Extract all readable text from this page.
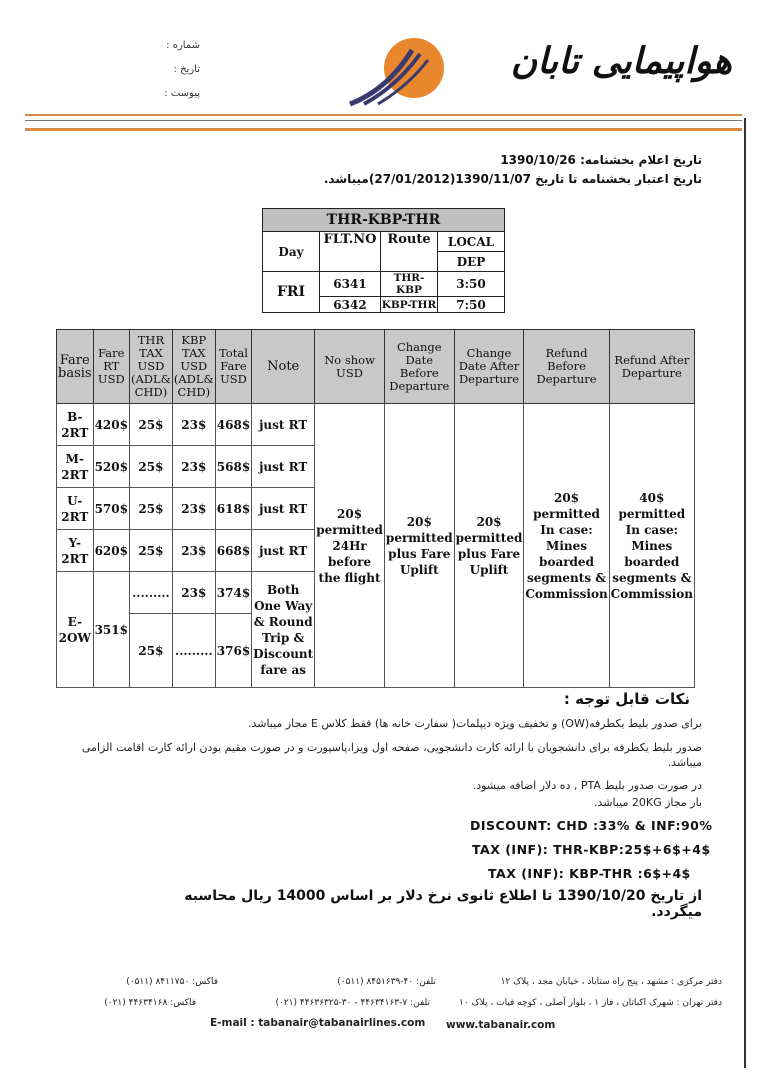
هواپیمایی تابان
شماره :
تاریخ :
پیوست :
تاریخ اعلام بخشنامه: 1390/10/26
تاریخ اعتبار بخشنامه تا تاریخ 1390/11/07(27/01/2012)میباشد.
THR-KBP-THR			
Day	FLT.NO	Route	LOCAL
			DEP
FRI	6341	THR-KBP	3:50
	6342	KBP-THR	7:50
Fare basis	Fare RT USD	THR TAX USD (ADL& CHD)	KBP TAX USD (ADL& CHD)	Total Fare USD	Note	No show USD	Change Date Before Departure	Change Date After Departure	Refund Before Departure	Refund After Departure
B- 2RT	420$	25$	23$	468$	just RT	20$ permitted 24Hr before the flight	20$ permitted plus Fare Uplift	20$ permitted plus Fare Uplift	20$ permitted In case: Mines boarded segments & Commission	40$ permitted In case: Mines boarded segments & Commission
M-2RT	520$	25$	23$	568$	just RT					
U-2RT	570$	25$	23$	618$	just RT					
Y-2RT	620$	25$	23$	668$	just RT					
E-2OW	351$	.........	23$	374$	Both One Way & Round Trip & Discount fare as					
		25$	.........	376$						
نکات قابل توجه :
برای صدور بلیط یکطرفه(OW) و تخفیف ویژه دیپلمات( سفارت خانه ها) فقط کلاس E مجاز میباشد.
صدور بلیط یکطرفه برای دانشجویان با ارائه کارت دانشجویی، صفحه اول ویزا،پاسپورت و در صورت مقیم بودن ارائه کارت اقامت الزامی میباشد.
در صورت صدور بلیط PTA , ده دلار اضافه میشود.
بار مجاز 20KG میباشد.
DISCOUNT: CHD :33% & INF:90%
TAX (INF): THR-KBP:25$+6$+4$
TAX (INF): KBP-THR :6$+4$
از تاریخ 1390/10/20 تا اطلاع ثانوی نرخ دلار بر اساس 14000 ریال محاسبه میگردد.
دفتر مرکزی : مشهد ، پنج راه ستاباد ، خیابان مجد ، پلاک ۱۲
تلفن: ۴۰-۸۴۵۱۶۳۹ (۰۵۱۱)
فاکس: ۸۴۱۱۷۵۰ (۰۵۱۱)
دفتر تهران : شهرک اکباتان ، فاز ۱ ، بلوار آصلی ، کوچه فیات ، پلاک ۱۰
تلفن: ۷-۴۴۶۳۴۱۶۳ - ۳۰-۴۴۶۳۶۳۲۵ (۰۲۱)
فاکس: ۴۴۶۳۴۱۶۸ (۰۲۱)
E-mail : tabanair@tabanairlines.com www.tabanair.com
